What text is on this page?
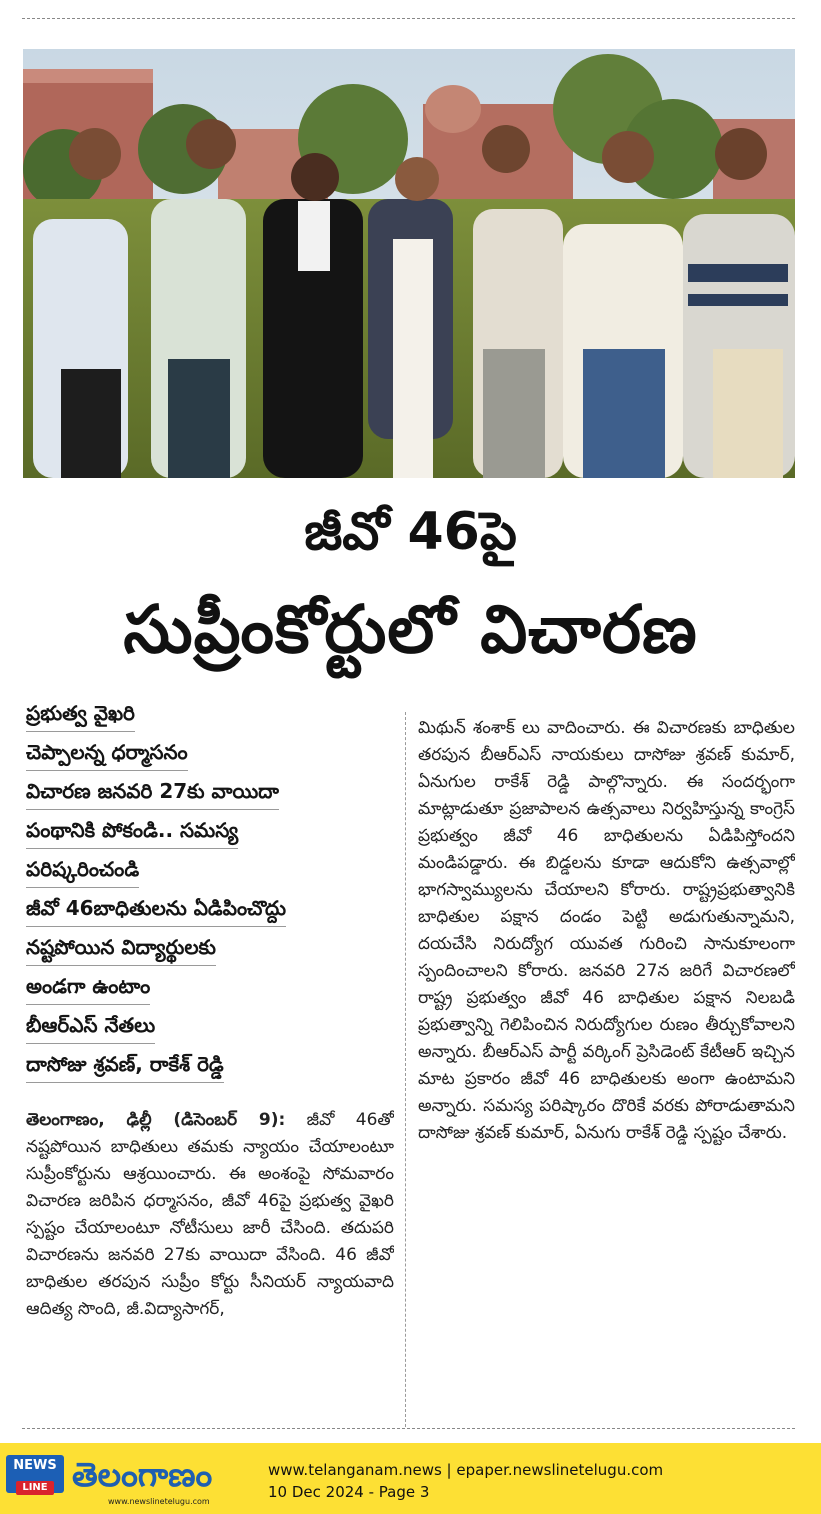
జీవో 46పై
సుప్రీంకోర్టులో విచారణ
ప్రభుత్వ వైఖరి
చెప్పాలన్న ధర్మాసనం
విచారణ జనవరి 27కు వాయిదా
పంథానికి పోకండి.. సమస్య
పరిష్కరించండి
జీవో 46బాధితులను ఏడిపించొద్దు
నష్టపోయిన విద్యార్థులకు
అండగా ఉంటాం
బీఆర్ఎస్ నేతలు
దాసోజు శ్రవణ్, రాకేశ్ రెడ్డి

తెలంగాణం, ఢిల్లీ (డిసెంబర్ 9): జీవో 46తో నష్టపోయిన బాధితులు తమకు న్యాయం చేయాలంటూ సుప్రీంకోర్టును ఆశ్రయించారు. ఈ అంశంపై సోమవారం విచారణ జరిపిన ధర్మాసనం, జీవో 46పై ప్రభుత్వ వైఖరి స్పష్టం చేయాలంటూ నోటీసులు జారీ చేసింది. తదుపరి విచారణను జనవరి 27కు వాయిదా వేసింది. 46 జీవో బాధితుల తరపున సుప్రీం కోర్టు సీనియర్ న్యాయవాది ఆదిత్య సొంది, జీ.విద్యాసాగర్,

మిథున్ శంశాక్ లు వాదించారు. ఈ విచారణకు బాధితుల తరపున బీఆర్ఎస్ నాయకులు దాసోజు శ్రవణ్ కుమార్, ఏనుగుల రాకేశ్ రెడ్డి పాల్గొన్నారు. ఈ సందర్భంగా మాట్లాడుతూ ప్రజాపాలన ఉత్సవాలు నిర్వహిస్తున్న కాంగ్రెస్ ప్రభుత్వం జీవో 46 బాధితులను ఏడిపిస్తోందని మండిపడ్డారు. ఈ బిడ్డలను కూడా ఆదుకోని ఉత్సవాల్లో భాగస్వామ్యులను చేయాలని కోరారు. రాష్ట్రప్రభుత్వానికి బాధితుల పక్షాన దండం పెట్టి అడుగుతున్నామని, దయచేసి నిరుద్యోగ యువత గురించి సానుకూలంగా స్పందించాలని కోరారు. జనవరి 27న జరిగే విచారణలో రాష్ట్ర ప్రభుత్వం జీవో 46 బాధితుల పక్షాన నిలబడి ప్రభుత్వాన్ని గెలిపించిన నిరుద్యోగుల రుణం తీర్చుకోవాలని అన్నారు. బీఆర్ఎస్ పార్టీ వర్కింగ్ ప్రెసిడెంట్ కేటీఆర్ ఇచ్చిన మాట ప్రకారం జీవో 46 బాధితులకు అంగా ఉంటామని అన్నారు. సమస్య పరిష్కారం దొరికే వరకు పోరాడుతామని దాసోజు శ్రవణ్ కుమార్, ఏనుగు రాకేశ్ రెడ్డి స్పష్టం చేశారు.

NEWS
LINE తెలంగాణం
www.newslinetelugu.com
www.telanganam.news | epaper.newslinetelugu.com
10 Dec 2024 - Page 3
